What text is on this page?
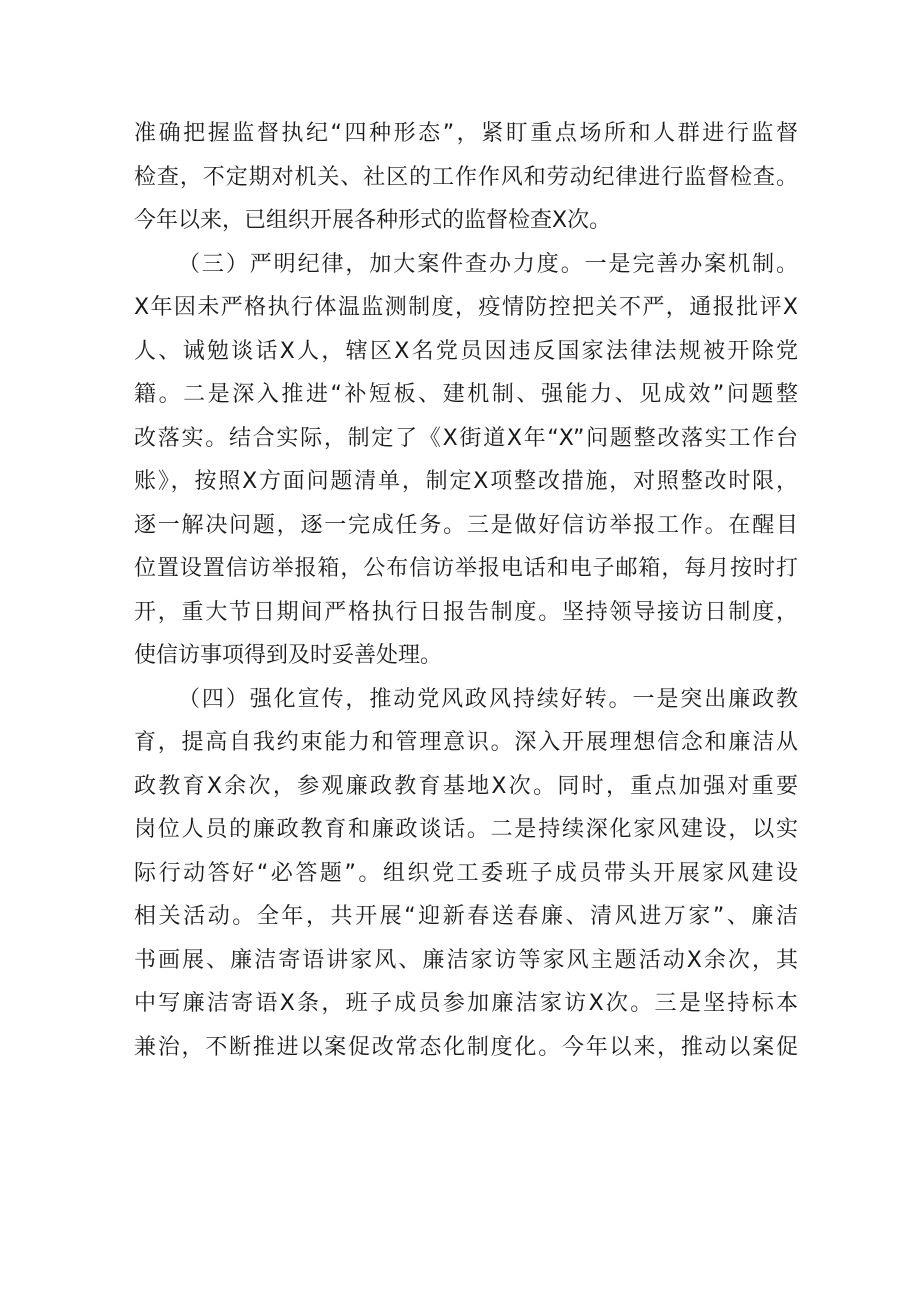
准确把握监督执纪“四种形态”，紧盯重点场所和人群进行监督
检查，不定期对机关、社区的工作作风和劳动纪律进行监督检查。
今年以来，已组织开展各种形式的监督检查X次。
（三）严明纪律，加大案件查办力度。一是完善办案机制。
X年因未严格执行体温监测制度，疫情防控把关不严，通报批评X
人、诫勉谈话X人，辖区X名党员因违反国家法律法规被开除党
籍。二是深入推进“补短板、建机制、强能力、见成效”问题整
改落实。结合实际，制定了《X街道X年“X”问题整改落实工作台
账》，按照X方面问题清单，制定X项整改措施，对照整改时限，
逐一解决问题，逐一完成任务。三是做好信访举报工作。在醒目
位置设置信访举报箱，公布信访举报电话和电子邮箱，每月按时打
开，重大节日期间严格执行日报告制度。坚持领导接访日制度，
使信访事项得到及时妥善处理。
（四）强化宣传，推动党风政风持续好转。一是突出廉政教
育，提高自我约束能力和管理意识。深入开展理想信念和廉洁从
政教育X余次，参观廉政教育基地X次。同时，重点加强对重要
岗位人员的廉政教育和廉政谈话。二是持续深化家风建设，以实
际行动答好“必答题”。组织党工委班子成员带头开展家风建设
相关活动。全年，共开展“迎新春送春廉、清风进万家”、廉洁
书画展、廉洁寄语讲家风、廉洁家访等家风主题活动X余次，其
中写廉洁寄语X条，班子成员参加廉洁家访X次。三是坚持标本
兼治，不断推进以案促改常态化制度化。今年以来，推动以案促
